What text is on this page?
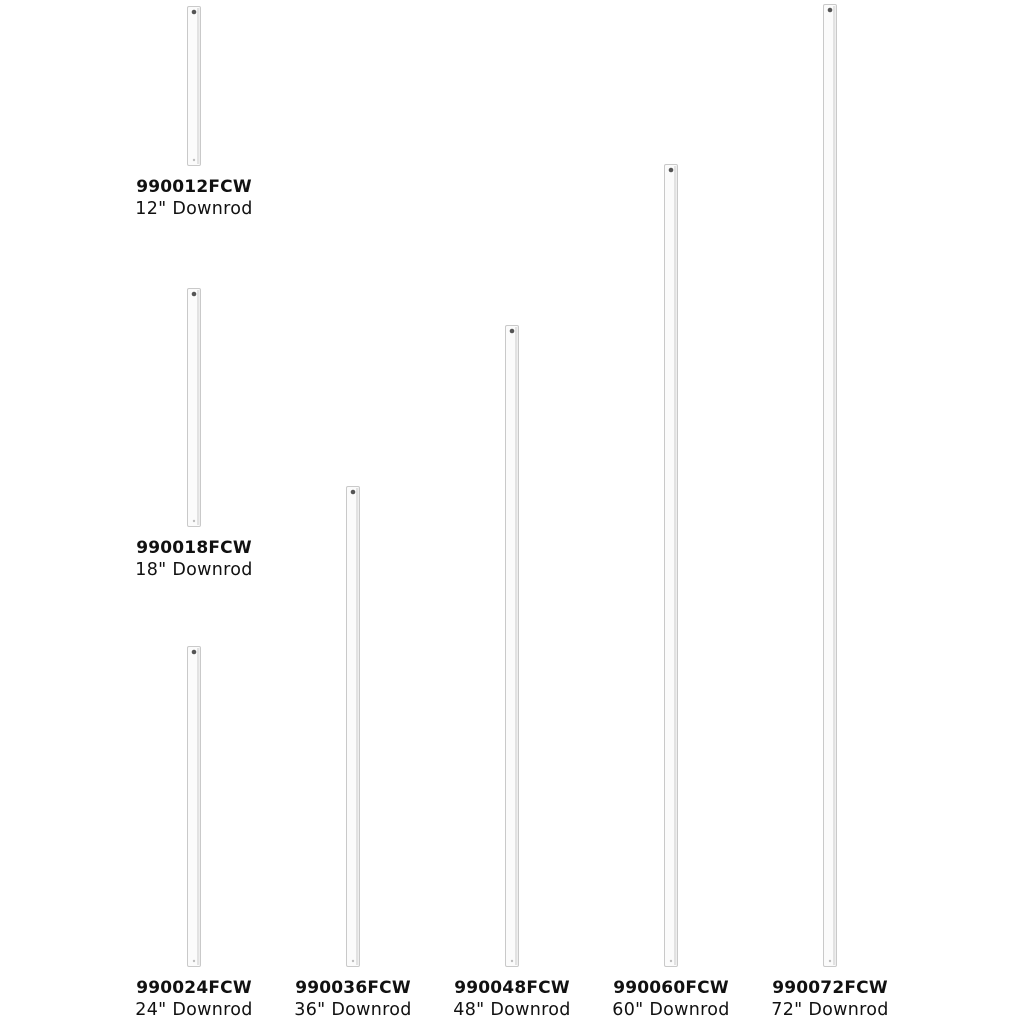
990012FCW
12" Downrod
990018FCW
18" Downrod
990024FCW
24" Downrod
990036FCW
36" Downrod
990048FCW
48" Downrod
990060FCW
60" Downrod
990072FCW
72" Downrod
